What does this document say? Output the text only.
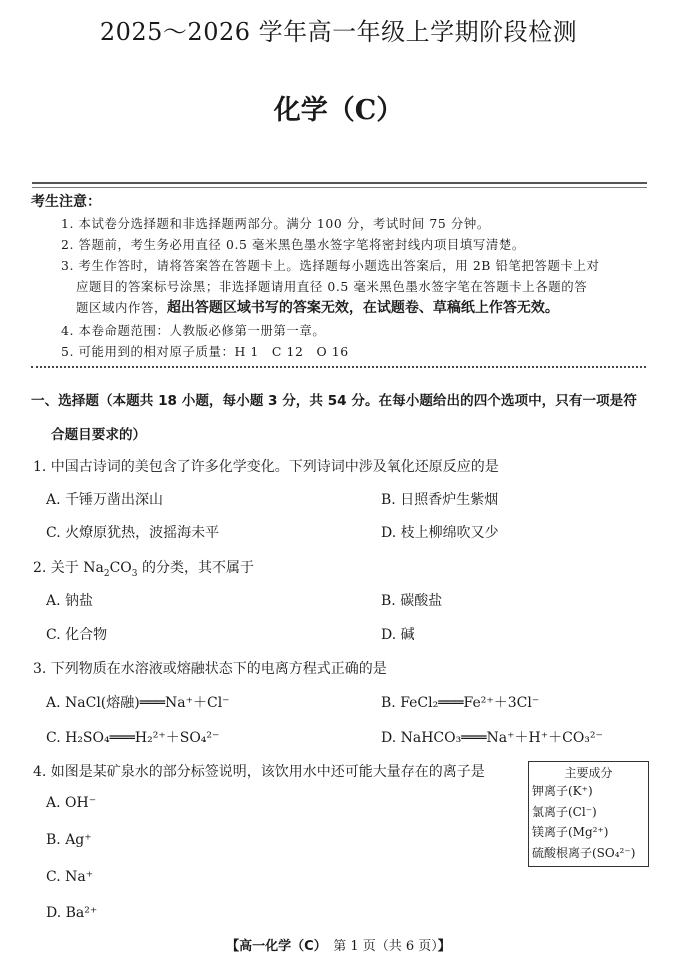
2025～2026 学年高一年级上学期阶段检测
化学（C）
考生注意：
1. 本试卷分选择题和非选择题两部分。满分 100 分，考试时间 75 分钟。
2. 答题前，考生务必用直径 0.5 毫米黑色墨水签字笔将密封线内项目填写清楚。
3. 考生作答时，请将答案答在答题卡上。选择题每小题选出答案后，用 2B 铅笔把答题卡上对
应题目的答案标号涂黑；非选择题请用直径 0.5 毫米黑色墨水签字笔在答题卡上各题的答
题区域内作答，超出答题区域书写的答案无效，在试题卷、草稿纸上作答无效。
4. 本卷命题范围：人教版必修第一册第一章。
5. 可能用到的相对原子质量：H 1　C 12　O 16
一、选择题（本题共 18 小题，每小题 3 分，共 54 分。在每小题给出的四个选项中，只有一项是符
合题目要求的）
1. 中国古诗词的美包含了许多化学变化。下列诗词中涉及氧化还原反应的是
A. 千锤万凿出深山	B. 日照香炉生紫烟
C. 火燎原犹热，波摇海未平	D. 枝上柳绵吹又少
2. 关于 $Na_2CO_3$ 的分类，其不属于
A. 钠盐	B. 碳酸盐
C. 化合物	D. 碱
3. 下列物质在水溶液或熔融状态下的电离方程式正确的是
A. NaCl(熔融)═══Na⁺＋Cl⁻	B. FeCl₂═══Fe²⁺＋3Cl⁻
C. H₂SO₄═══H₂²⁺＋SO₄²⁻	D. NaHCO₃═══Na⁺＋H⁺＋CO₃²⁻
4. 如图是某矿泉水的部分标签说明，该饮用水中还可能大量存在的离子是
A. OH⁻
B. Ag⁺
C. Na⁺
D. Ba²⁺
主要成分
钾离子(K⁺)
氯离子(Cl⁻)
镁离子(Mg²⁺)
硫酸根离子(SO₄²⁻)
【高一化学（C）　第 1 页（共 6 页）】
